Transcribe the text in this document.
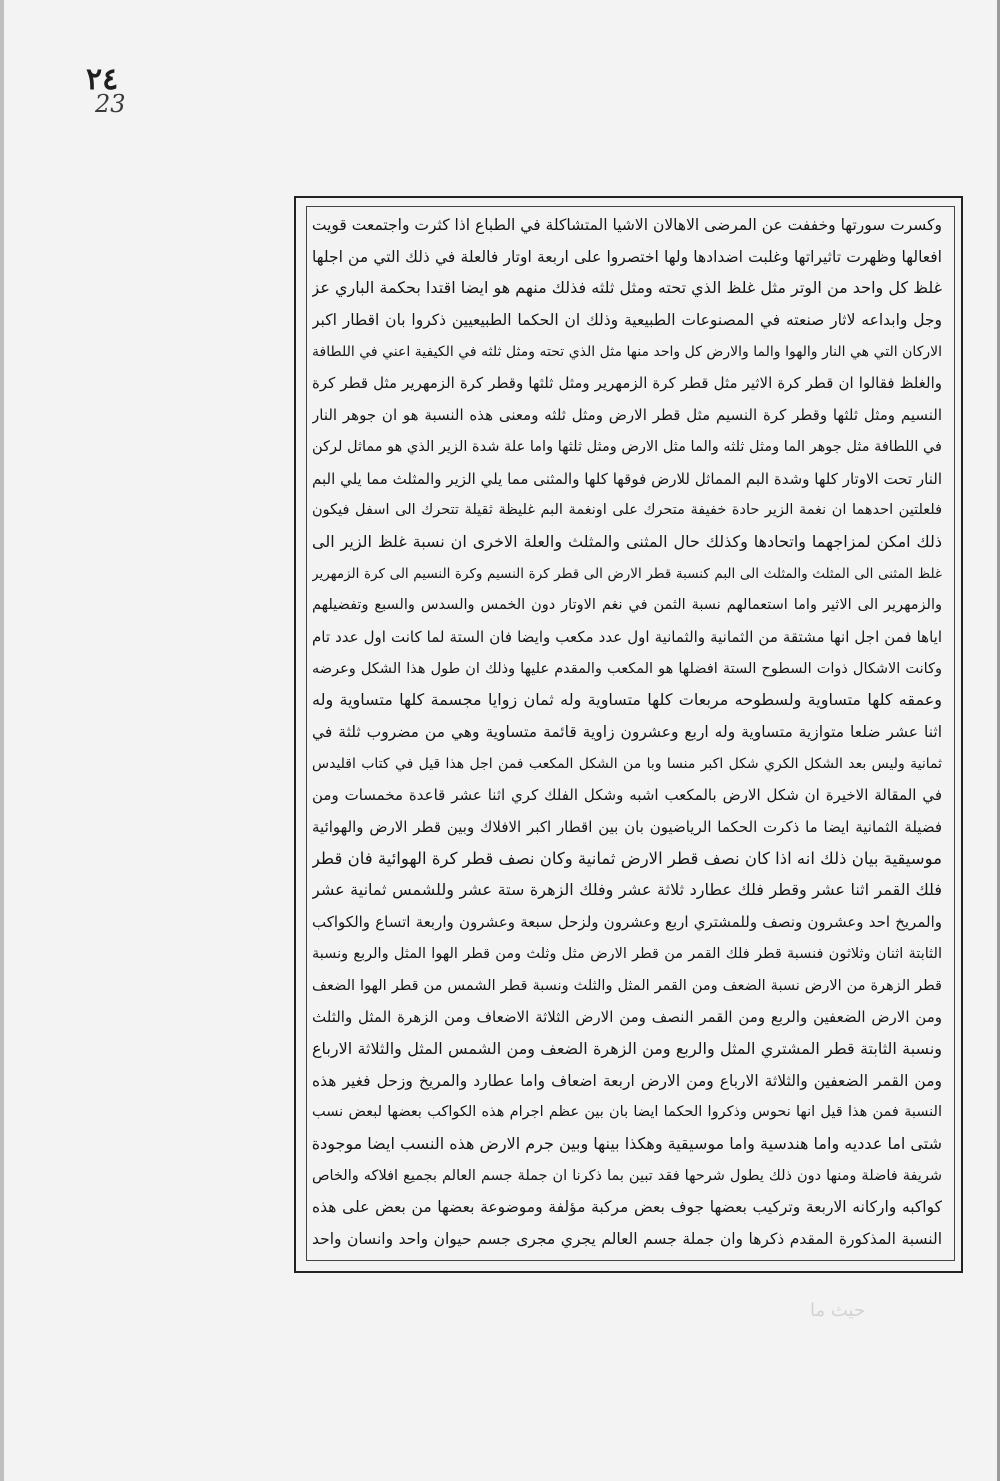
٢٤
23
وكسرت سورتها وخففت عن المرضى الاهالان الاشيا المتشاكلة في الطباع اذا كثرت واجتمعت قويت
افعالها وظهرت تاثيراتها وغلبت اضدادها ولها اختصروا على اربعة اوتار فالعلة في ذلك التي من اجلها
غلظ كل واحد من الوتر مثل غلظ الذي تحته ومثل ثلثه فذلك منهم هو ايضا اقتدا بحكمة الباري عز
وجل وابداعه لاثار صنعته في المصنوعات الطبيعية وذلك ان الحكما الطبيعيين ذكروا بان اقطار اكبر
الاركان التي هي النار والهوا والما والارض كل واحد منها مثل الذي تحته ومثل ثلثه في الكيفية اعني في اللطافة
والغلظ فقالوا ان قطر كرة الاثير مثل قطر كرة الزمهرير ومثل ثلثها وقطر كرة الزمهرير مثل قطر كرة
النسيم ومثل ثلثها وقطر كرة النسيم مثل قطر الارض ومثل ثلثه ومعنى هذه النسبة هو ان جوهر النار
في اللطافة مثل جوهر الما ومثل ثلثه والما مثل الارض ومثل ثلثها واما علة شدة الزير الذي هو مماثل لركن
النار تحت الاوتار كلها وشدة البم المماثل للارض فوقها كلها والمثنى مما يلي الزير والمثلث مما يلي البم
فلعلتين احدهما ان نغمة الزير حادة خفيفة متحرك على اونغمة البم غليظة ثقيلة تتحرك الى اسفل فيكون
ذلك امكن لمزاجهما واتحادها وكذلك حال المثنى والمثلث والعلة الاخرى ان نسبة غلظ الزير الى
غلظ المثنى الى المثلث والمثلث الى البم كنسبة قطر الارض الى قطر كرة النسيم وكرة النسيم الى كرة الزمهرير
والزمهرير الى الاثير واما استعمالهم نسبة الثمن في نغم الاوتار دون الخمس والسدس والسبع وتفضيلهم
اياها فمن اجل انها مشتقة من الثمانية والثمانية اول عدد مكعب وايضا فان الستة لما كانت اول عدد تام
وكانت الاشكال ذوات السطوح الستة افضلها هو المكعب والمقدم عليها وذلك ان طول هذا الشكل وعرضه
وعمقه كلها متساوية ولسطوحه مربعات كلها متساوية وله ثمان زوايا مجسمة كلها متساوية وله
اثنا عشر ضلعا متوازية متساوية وله اربع وعشرون زاوية قائمة متساوية وهي من مضروب ثلثة في
ثمانية وليس بعد الشكل الكري شكل اكبر منسا وبا من الشكل المكعب فمن اجل هذا قيل في كتاب اقليدس
في المقالة الاخيرة ان شكل الارض بالمكعب اشبه وشكل الفلك كري اثنا عشر قاعدة مخمسات ومن
فضيلة الثمانية ايضا ما ذكرت الحكما الرياضيون بان بين اقطار اكبر الافلاك وبين قطر الارض والهوائية
موسيقية بيان ذلك انه اذا كان نصف قطر الارض ثمانية وكان نصف قطر كرة الهوائية فان قطر
فلك القمر اثنا عشر وقطر فلك عطارد ثلاثة عشر وفلك الزهرة ستة عشر وللشمس ثمانية عشر
والمريخ احد وعشرون ونصف وللمشتري اربع وعشرون ولزحل سبعة وعشرون واربعة اتساع والكواكب
الثابتة اثنان وثلاثون فنسبة قطر فلك القمر من قطر الارض مثل وثلث ومن قطر الهوا المثل والربع ونسبة
قطر الزهرة من الارض نسبة الضعف ومن القمر المثل والثلث ونسبة قطر الشمس من قطر الهوا الضعف
ومن الارض الضعفين والربع ومن القمر النصف ومن الارض الثلاثة الاضعاف ومن الزهرة المثل والثلث
ونسبة الثابتة قطر المشتري المثل والربع ومن الزهرة الضعف ومن الشمس المثل والثلاثة الارباع
ومن القمر الضعفين والثلاثة الارباع ومن الارض اربعة اضعاف واما عطارد والمريخ وزحل فغير هذه
النسبة فمن هذا قيل انها نحوس وذكروا الحكما ايضا بان بين عظم اجرام هذه الكواكب بعضها لبعض نسب
شتى اما عدديه واما هندسية واما موسيقية وهكذا بينها وبين جرم الارض هذه النسب ايضا موجودة
شريفة فاضلة ومنها دون ذلك يطول شرحها فقد تبين بما ذكرنا ان جملة جسم العالم بجميع افلاكه والخاص
كواكبه واركانه الاربعة وتركيب بعضها جوف بعض مركبة مؤلفة وموضوعة بعضها من بعض على هذه
النسبة المذكورة المقدم ذكرها وان جملة جسم العالم يجري مجرى جسم حيوان واحد وانسان واحد
حيث ما
